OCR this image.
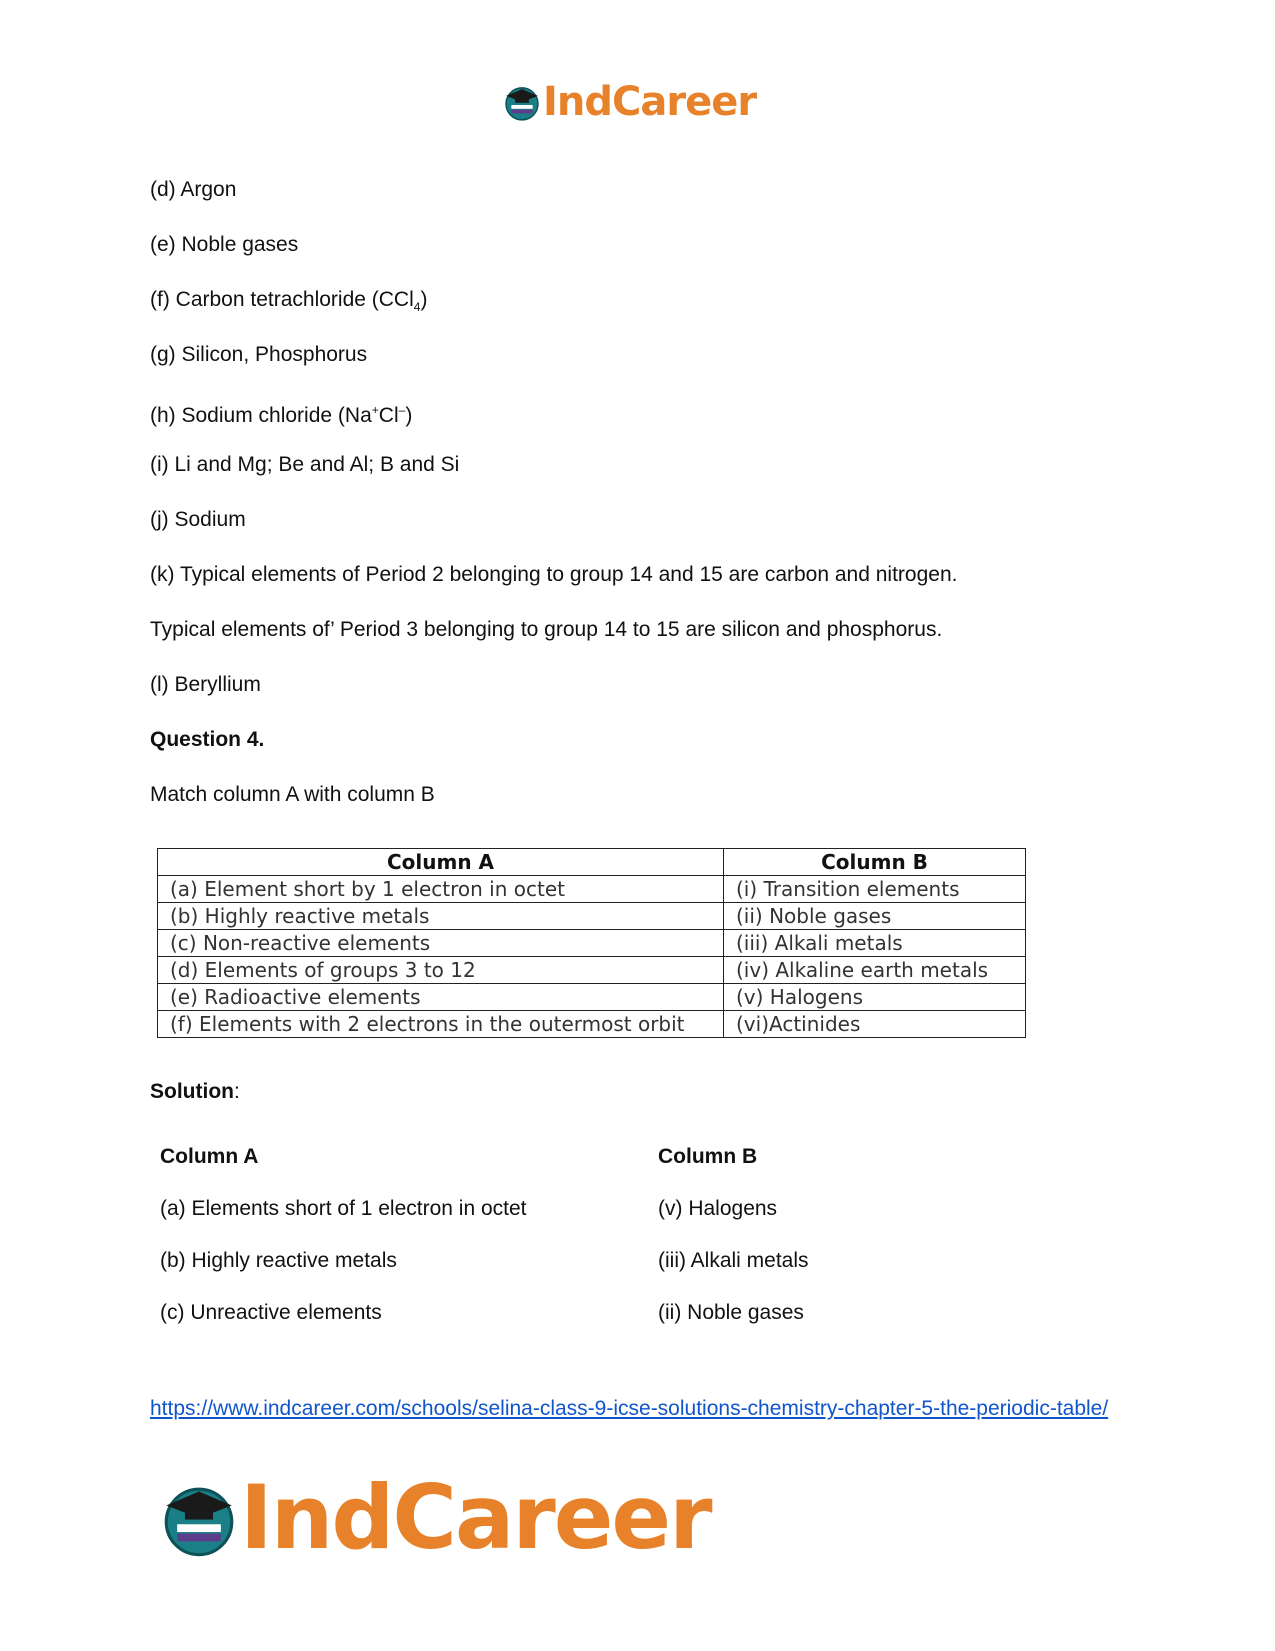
IndCareer
(d) Argon
(e) Noble gases
(f) Carbon tetrachloride (CCl$_4$)
(g) Silicon, Phosphorus
(h) Sodium chloride (Na+Cl–)
(i) Li and Mg; Be and Al; B and Si
(j) Sodium
(k) Typical elements of Period 2 belonging to group 14 and 15 are carbon and nitrogen.
Typical elements of’ Period 3 belonging to group 14 to 15 are silicon and phosphorus.
(l) Beryllium
Question 4.
Match column A with column B
Column A	Column B
(a) Element short by 1 electron in octet	(i) Transition elements
(b) Highly reactive metals	(ii) Noble gases
(c) Non-reactive elements	(iii) Alkali metals
(d) Elements of groups 3 to 12	(iv) Alkaline earth metals
(e) Radioactive elements	(v) Halogens
(f) Elements with 2 electrons in the outermost orbit	(vi)Actinides
Solution:
Column A	Column B
(a) Elements short of 1 electron in octet	(v) Halogens
(b) Highly reactive metals	(iii) Alkali metals
(c) Unreactive elements	(ii) Noble gases
https://www.indcareer.com/schools/selina-class-9-icse-solutions-chemistry-chapter-5-the-periodic-table/
IndCareer
